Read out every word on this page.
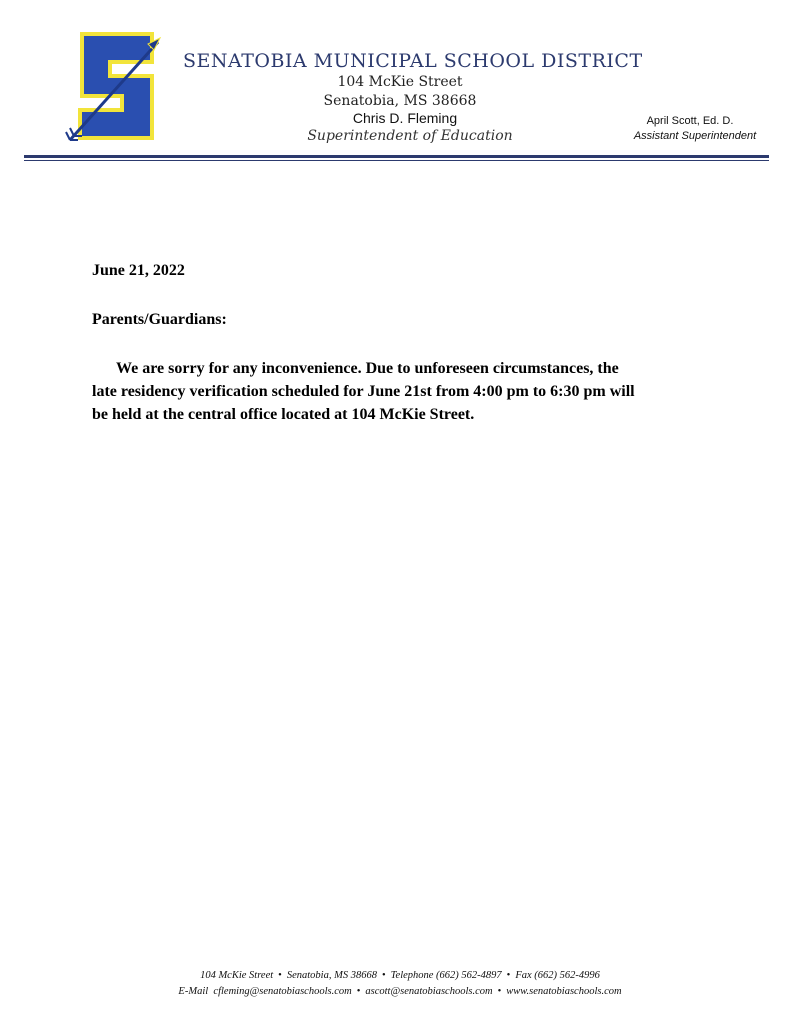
SENATOBIA MUNICIPAL SCHOOL DISTRICT
104 McKie Street
Senatobia, MS 38668
Chris D. Fleming
Superintendent of Education
April Scott, Ed. D.
Assistant Superintendent
June 21, 2022
Parents/Guardians:
We are sorry for any inconvenience. Due to unforeseen circumstances, the
late residency verification scheduled for June 21st from 4:00 pm to 6:30 pm will
be held at the central office located at 104 McKie Street.
104 McKie Street • Senatobia, MS 38668 • Telephone (662) 562-4897 • Fax (662) 562-4996
E-Mail cfleming@senatobiaschools.com • ascott@senatobiaschools.com • www.senatobiaschools.com
